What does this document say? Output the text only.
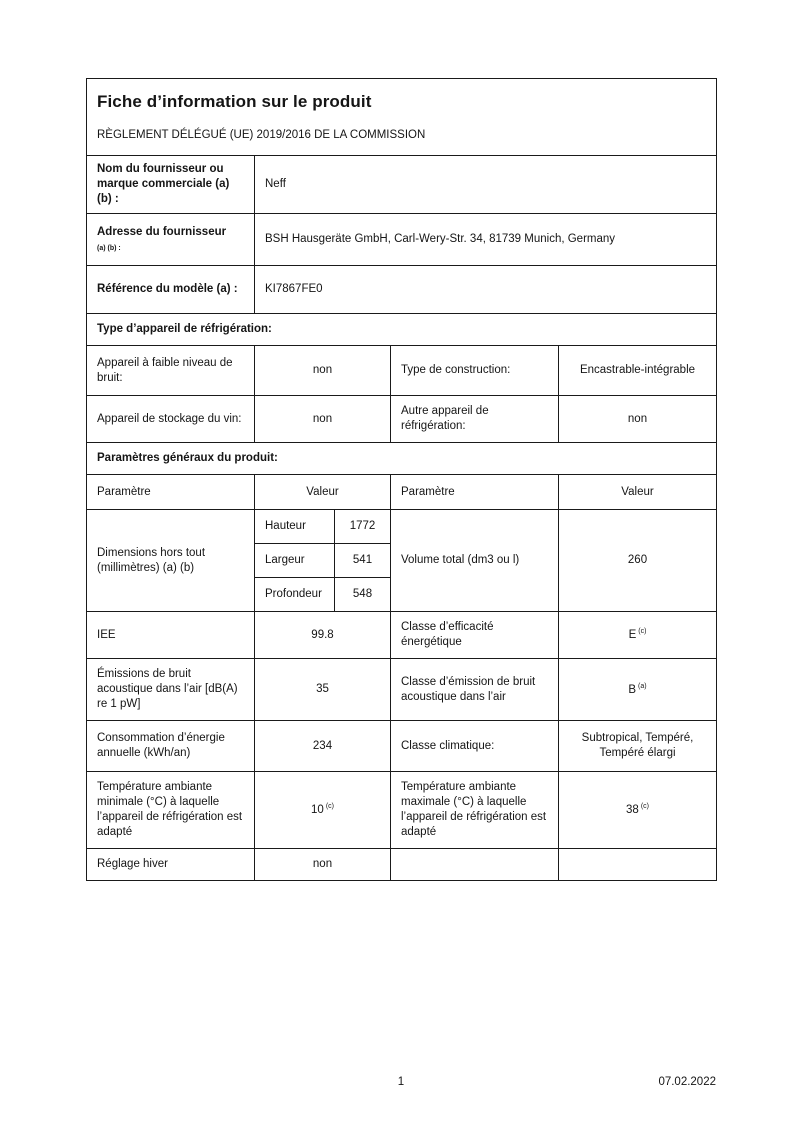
Fiche d’information sur le produit
RÈGLEMENT DÉLÉGUÉ (UE) 2019/2016 DE LA COMMISSION				

Nom du fournisseur ou marque commerciale (a) (b) :	Neff			
Adresse du fournisseur
(a) (b) :	BSH Hausgeräte GmbH, Carl-Wery-Str. 34, 81739 Munich, Germany			
Référence du modèle (a) :	KI7867FE0			
Type d’appareil de réfrigération:				
Appareil à faible niveau de bruit:	non		Type de construction:	Encastrable-intégrable
Appareil de stockage du vin:	non		Autre appareil de réfrigération:	non
Paramètres généraux du produit:				
Paramètre	Valeur		Paramètre	Valeur
Dimensions hors tout (millimètres) (a) (b)	Hauteur	1772	Volume total (dm3 ou l)	260
	Largeur	541		
	Profondeur	548		
IEE	99.8		Classe d’efficacité énergétique	E $^{(c)}$
Émissions de bruit acoustique dans l’air [dB(A) re 1 pW]	35		Classe d’émission de bruit acoustique dans l’air	B $^{(a)}$
Consommation d’énergie annuelle (kWh/an)	234		Classe climatique:	Subtropical, Tempéré, Tempéré élargi
Température ambiante minimale (°C) à laquelle l’appareil de réfrigération est adapté	10 $^{(c)}$		Température ambiante maximale (°C) à laquelle l’appareil de réfrigération est adapté	38 $^{(c)}$
Réglage hiver	non			
1	07.02.2022
